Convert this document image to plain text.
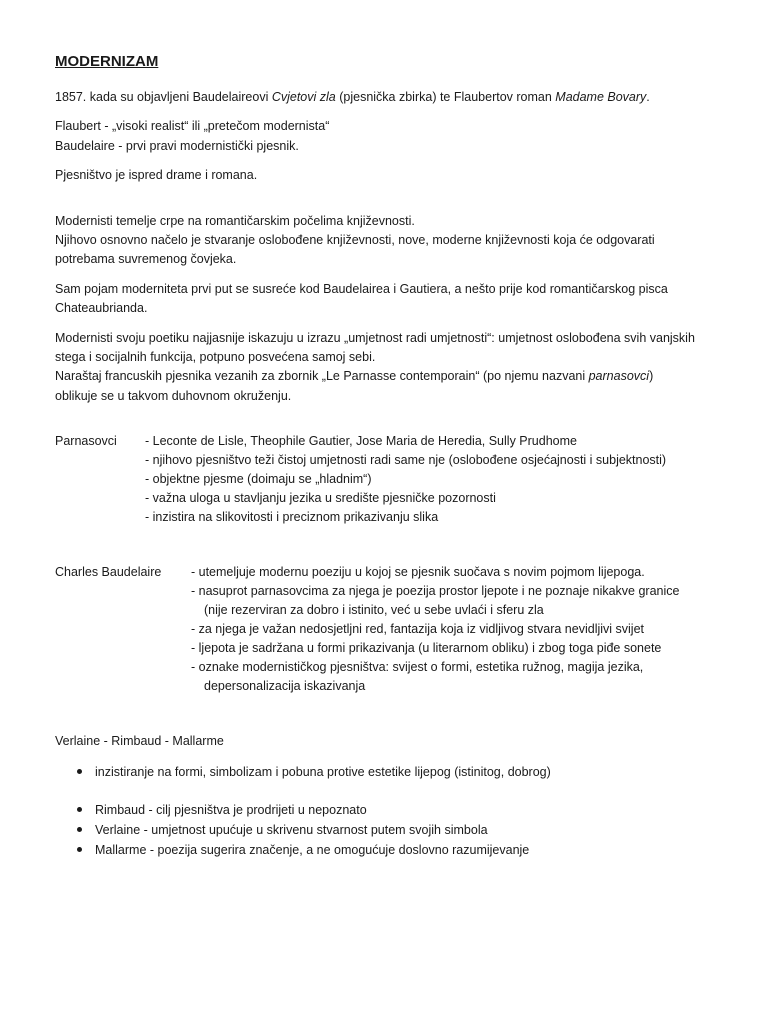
MODERNIZAM

1857. kada su objavljeni Baudelaireovi Cvjetovi zla (pjesnička zbirka) te Flaubertov roman Madame Bovary.

Flaubert - „visoki realist“ ili „pretečom modernista“

Baudelaire - prvi pravi modernistički pjesnik.

Pjesništvo je ispred drame i romana.

Modernisti temelje crpe na romantičarskim počelima književnosti.

Njihovo osnovno načelo je stvaranje oslobođene književnosti, nove, moderne književnosti koja će odgovarati potrebama suvremenog čovjeka.

Sam pojam moderniteta prvi put se susreće kod Baudelairea i Gautiera, a nešto prije kod romantičarskog pisca Chateaubrianda.

Modernisti svoju poetiku najjasnije iskazuju u izrazu „umjetnost radi umjetnosti“: umjetnost oslobođena svih vanjskih stega i socijalnih funkcija, potpuno posvećena samoj sebi.

Naraštaj francuskih pjesnika vezanih za zbornik „Le Parnasse contemporain“ (po njemu nazvani parnasovci)
oblikuje se u takvom duhovnom okruženju.

Parnasovci	- Leconte de Lisle, Theophile Gautier, Jose Maria de Heredia, Sully Prudhome
- njihovo pjesništvo teži čistoj umjetnosti radi same nje (oslobođene osjećajnosti i subjektnosti)
- objektne pjesme (doimaju se „hladnim“)
- važna uloga u stavljanju jezika u središte pjesničke pozornosti
- inzistira na slikovitosti i preciznom prikazivanju slika
Charles Baudelaire	- utemeljuje modernu poeziju u kojoj se pjesnik suočava s novim pojmom lijepoga.
- nasuprot parnasovcima za njega je poezija prostor ljepote i ne poznaje nikakve granice
(nije rezerviran za dobro i istinito, već u sebe uvlaći i sferu zla
- za njega je važan nedosjetljni red, fantazija koja iz vidljivog stvara nevidljivi svijet
- ljepota je sadržana u formi prikazivanja (u literarnom obliku) i zbog toga piđe sonete
- oznake modernističkog pjesništva: svijest o formi, estetika ružnog, magija jezika,
depersonalizacija iskazivanja

Verlaine - Rimbaud - Mallarme

inzistiranje na formi, simbolizam i pobuna protive estetike lijepog (istinitog, dobrog)
Rimbaud - cilj pjesništva je prodrijeti u nepoznato
Verlaine - umjetnost upućuje u skrivenu stvarnost putem svojih simbola
Mallarme - poezija sugerira značenje, a ne omogućuje doslovno razumijevanje
